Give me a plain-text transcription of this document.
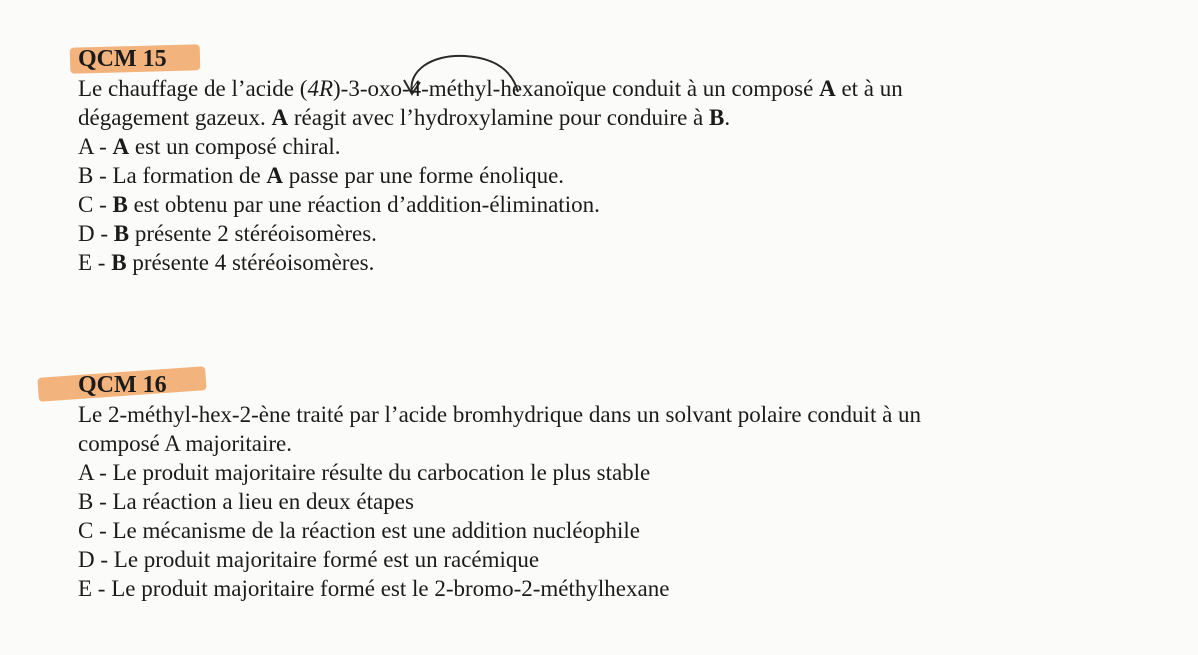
QCM 15
Le chauffage de l’acide (4R)-3-oxo-4-méthyl-hexanoïque conduit à un composé A et à un
dégagement gazeux. A réagit avec l’hydroxylamine pour conduire à B.
A - A est un composé chiral.
B - La formation de A passe par une forme énolique.
C - B est obtenu par une réaction d’addition-élimination.
D - B présente 2 stéréoisomères.
E - B présente 4 stéréoisomères.
QCM 16
Le 2-méthyl-hex-2-ène traité par l’acide bromhydrique dans un solvant polaire conduit à un
composé A majoritaire.
A - Le produit majoritaire résulte du carbocation le plus stable
B - La réaction a lieu en deux étapes
C - Le mécanisme de la réaction est une addition nucléophile
D - Le produit majoritaire formé est un racémique
E - Le produit majoritaire formé est le 2-bromo-2-méthylhexane
